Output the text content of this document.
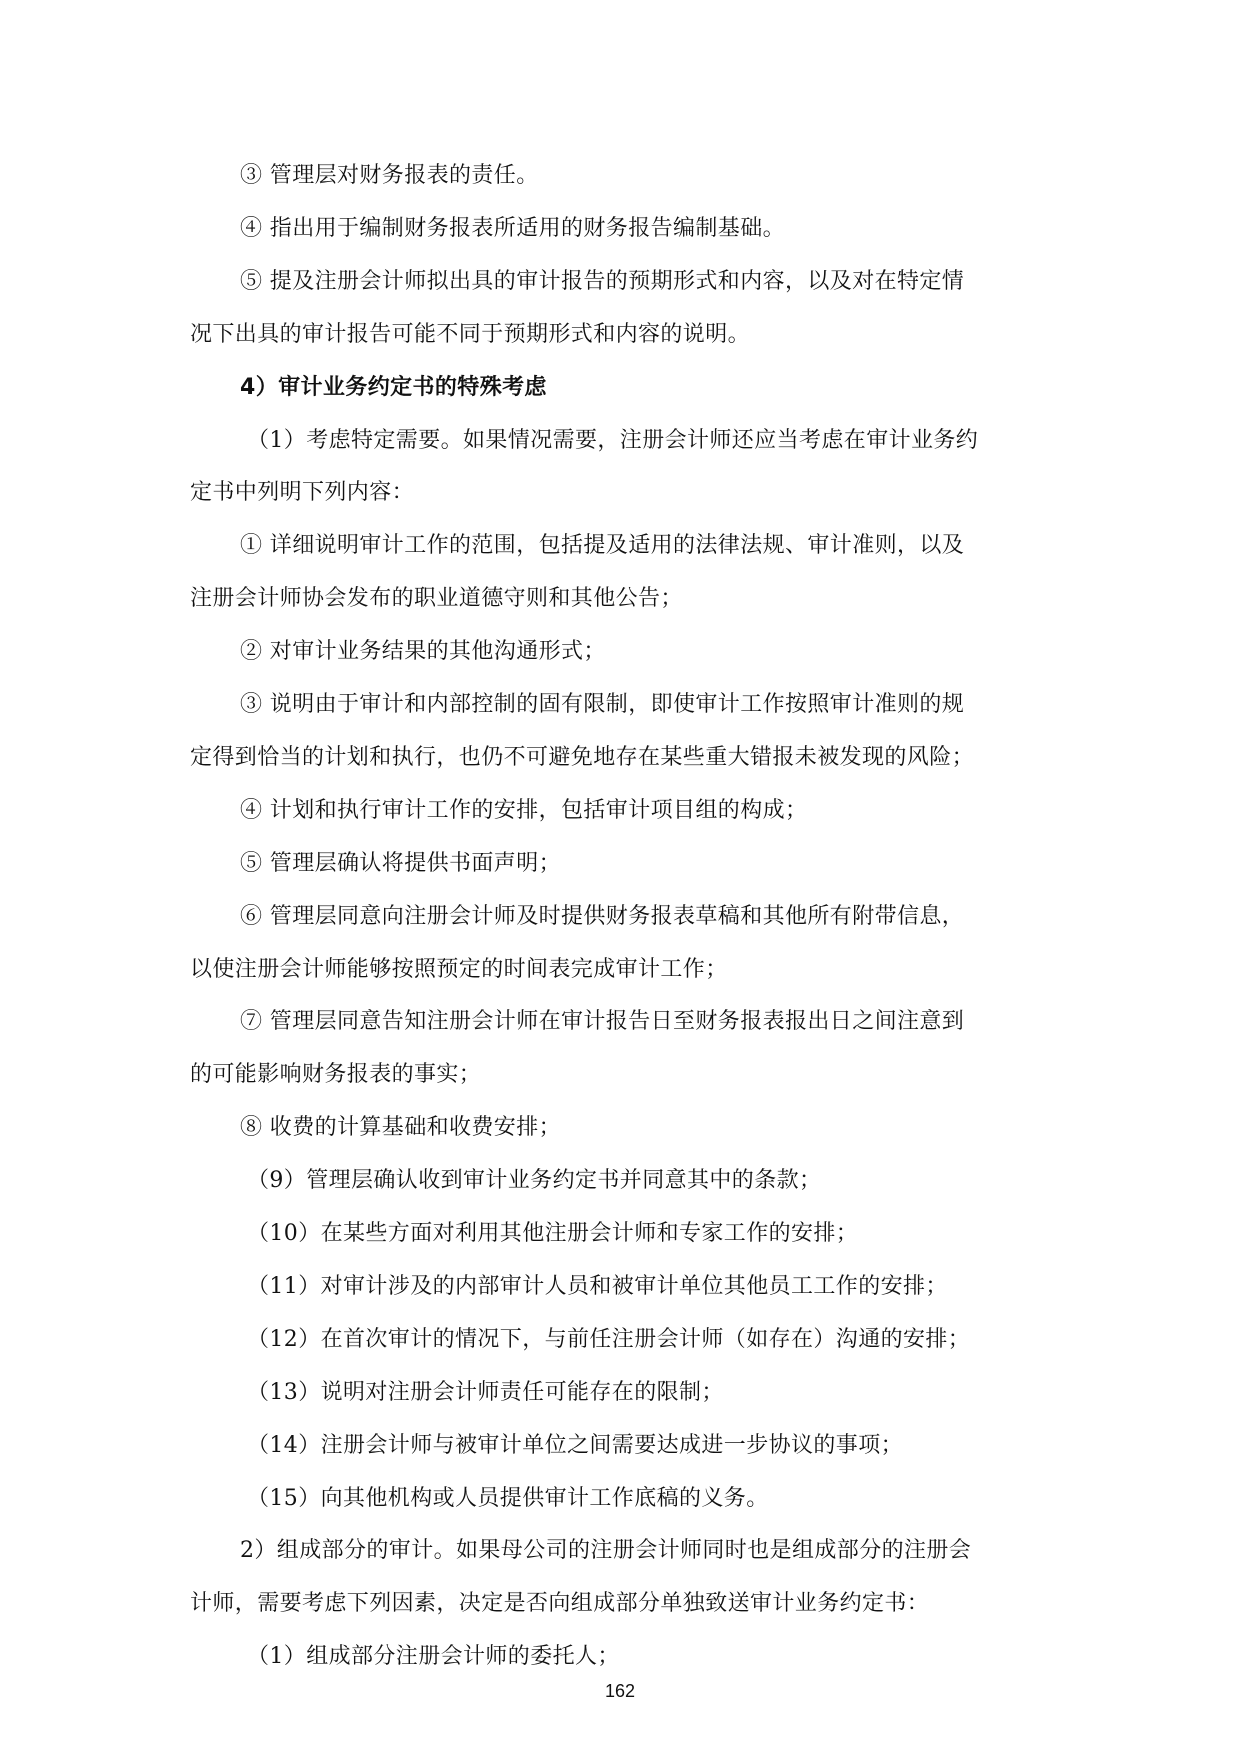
③ 管理层对财务报表的责任。
④ 指出用于编制财务报表所适用的财务报告编制基础。
⑤ 提及注册会计师拟出具的审计报告的预期形式和内容，以及对在特定情
况下出具的审计报告可能不同于预期形式和内容的说明。
4）审计业务约定书的特殊考虑
（1）考虑特定需要。如果情况需要，注册会计师还应当考虑在审计业务约
定书中列明下列内容：
① 详细说明审计工作的范围，包括提及适用的法律法规、审计准则，以及
注册会计师协会发布的职业道德守则和其他公告；
② 对审计业务结果的其他沟通形式；
③ 说明由于审计和内部控制的固有限制，即使审计工作按照审计准则的规
定得到恰当的计划和执行，也仍不可避免地存在某些重大错报未被发现的风险；
④ 计划和执行审计工作的安排，包括审计项目组的构成；
⑤ 管理层确认将提供书面声明；
⑥ 管理层同意向注册会计师及时提供财务报表草稿和其他所有附带信息，
以使注册会计师能够按照预定的时间表完成审计工作；
⑦ 管理层同意告知注册会计师在审计报告日至财务报表报出日之间注意到
的可能影响财务报表的事实；
⑧ 收费的计算基础和收费安排；
（9）管理层确认收到审计业务约定书并同意其中的条款；
（10）在某些方面对利用其他注册会计师和专家工作的安排；
（11）对审计涉及的内部审计人员和被审计单位其他员工工作的安排；
（12）在首次审计的情况下，与前任注册会计师（如存在）沟通的安排；
（13）说明对注册会计师责任可能存在的限制；
（14）注册会计师与被审计单位之间需要达成进一步协议的事项；
（15）向其他机构或人员提供审计工作底稿的义务。
2）组成部分的审计。如果母公司的注册会计师同时也是组成部分的注册会
计师，需要考虑下列因素，决定是否向组成部分单独致送审计业务约定书：
（1）组成部分注册会计师的委托人；
162
